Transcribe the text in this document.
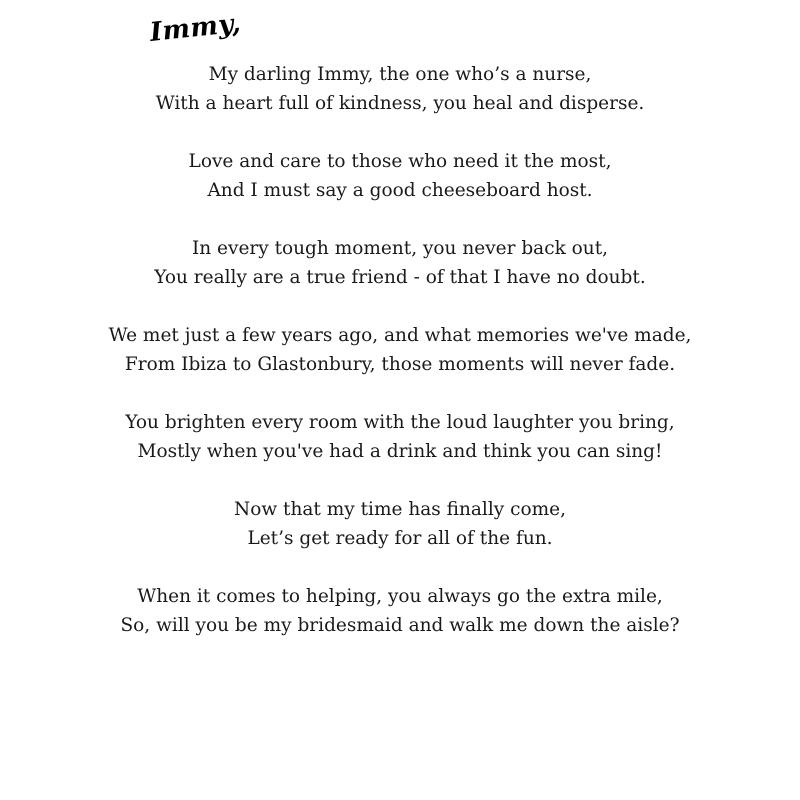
Immy,
My darling Immy, the one who’s a nurse,
With a heart full of kindness, you heal and disperse.
Love and care to those who need it the most,
And I must say a good cheeseboard host.
In every tough moment, you never back out,
You really are a true friend - of that I have no doubt.
We met just a few years ago, and what memories we've made,
From Ibiza to Glastonbury, those moments will never fade.
You brighten every room with the loud laughter you bring,
Mostly when you've had a drink and think you can sing!
Now that my time has finally come,
Let’s get ready for all of the fun.
When it comes to helping, you always go the extra mile,
So, will you be my bridesmaid and walk me down the aisle?
